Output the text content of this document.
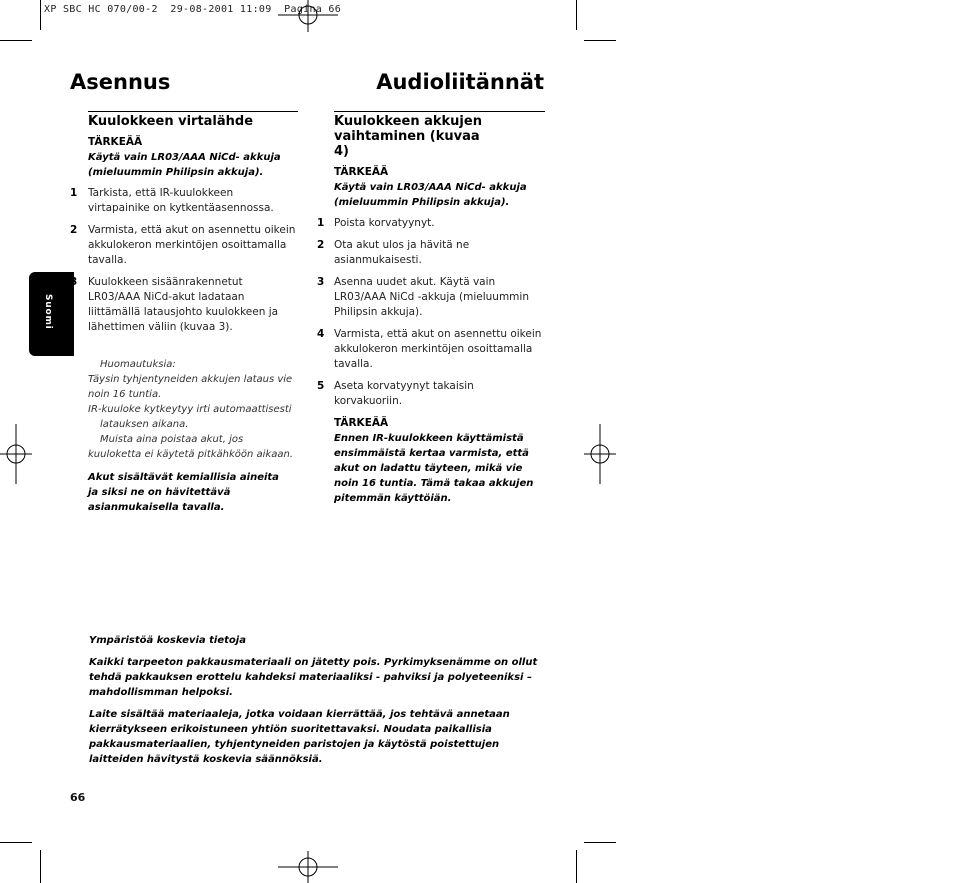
XP SBC HC 070/00-2  29-08-2001 11:09  Pagina 66
Asennus	Audioliitännät
Suomi
Kuulokkeen virtalähde
TÄRKEÄÄ
Käytä vain LR03/AAA NiCd- akkuja (mieluummin Philipsin akkuja).
1 Tarkista, että IR-kuulokkeen virtapainike on kytkentäasennossa.
2 Varmista, että akut on asennettu oikein akkulokeron merkintöjen osoittamalla tavalla.
3 Kuulokkeen sisäänrakennetut LR03/AAA NiCd-akut ladataan liittämällä latausjohto kuulokkeen ja lähettimen väliin (kuvaa 3).
Huomautuksia:
Täysin tyhjentyneiden akkujen lataus vie noin 16 tuntia.
IR-kuuloke kytkeytyy irti automaattisesti latauksen aikana.
Muista aina poistaa akut, jos kuuloketta ei käytetä pitkähköön aikaan.
Akut sisältävät kemiallisia aineita ja siksi ne on hävitettävä asianmukaisella tavalla.
Kuulokkeen akkujen vaihtaminen (kuvaa 4)
TÄRKEÄÄ
Käytä vain LR03/AAA NiCd- akkuja (mieluummin Philipsin akkuja).
1 Poista korvatyynyt.
2 Ota akut ulos ja hävitä ne asianmukaisesti.
3 Asenna uudet akut. Käytä vain LR03/AAA NiCd -akkuja (mieluummin Philipsin akkuja).
4 Varmista, että akut on asennettu oikein akkulokeron merkintöjen osoittamalla tavalla.
5 Aseta korvatyynyt takaisin korvakuoriin.
TÄRKEÄÄ
Ennen IR-kuulokkeen käyttämistä ensimmäistä kertaa varmista, että akut on ladattu täyteen, mikä vie noin 16 tuntia. Tämä takaa akkujen pitemmän käyttöiän.

Ympäristöä koskevia tietoja

Kaikki tarpeeton pakkausmateriaali on jätetty pois. Pyrkimyksenämme on ollut tehdä pakkauksen erottelu kahdeksi materiaaliksi - pahviksi ja polyeteeniksi – mahdollismman helpoksi.

Laite sisältää materiaaleja, jotka voidaan kierrättää, jos tehtävä annetaan kierrätykseen erikoistuneen yhtiön suoritettavaksi. Noudata paikallisia pakkausmateriaalien, tyhjentyneiden paristojen ja käytöstä poistettujen laitteiden hävitystä koskevia säännöksiä.

66
